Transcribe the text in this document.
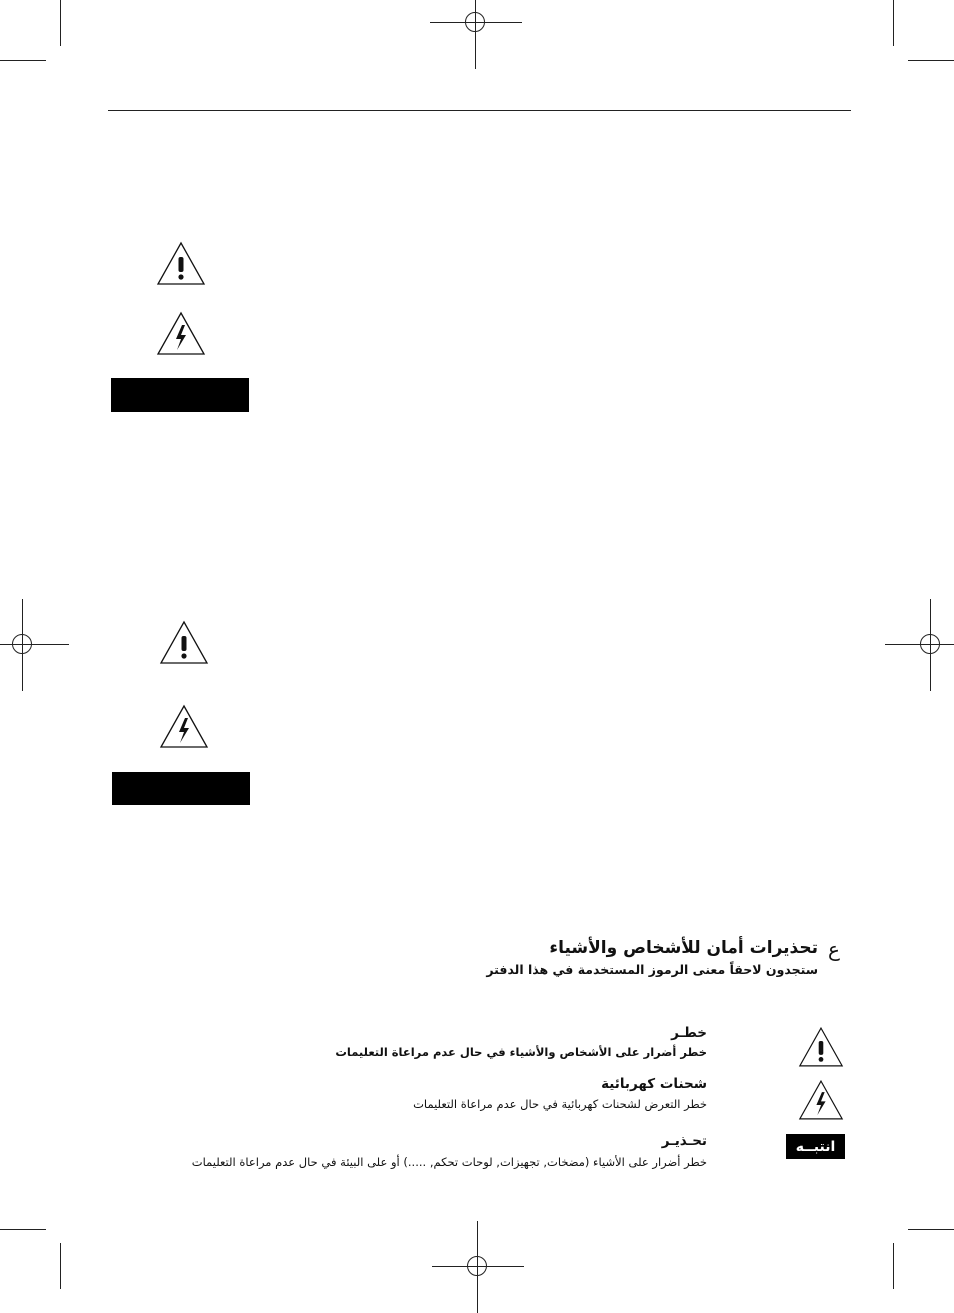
ع
تحذيرات أمان للأشخاص والأشياء
ستجدون لاحقاً معنى الرموز المستخدمة في هذا الدفتر
خطـر
خطر أضرار على الأشخاص والأشياء في حال عدم مراعاة التعليمات
شحنات كهربائية
خطر التعرض لشحنات كهربائية في حال عدم مراعاة التعليمات
انتبــه
تحـذيـر
خطر أضرار على الأشياء (مضخات, تجهيزات, لوحات تحكم, .....) أو على البيئة في حال عدم مراعاة التعليمات
